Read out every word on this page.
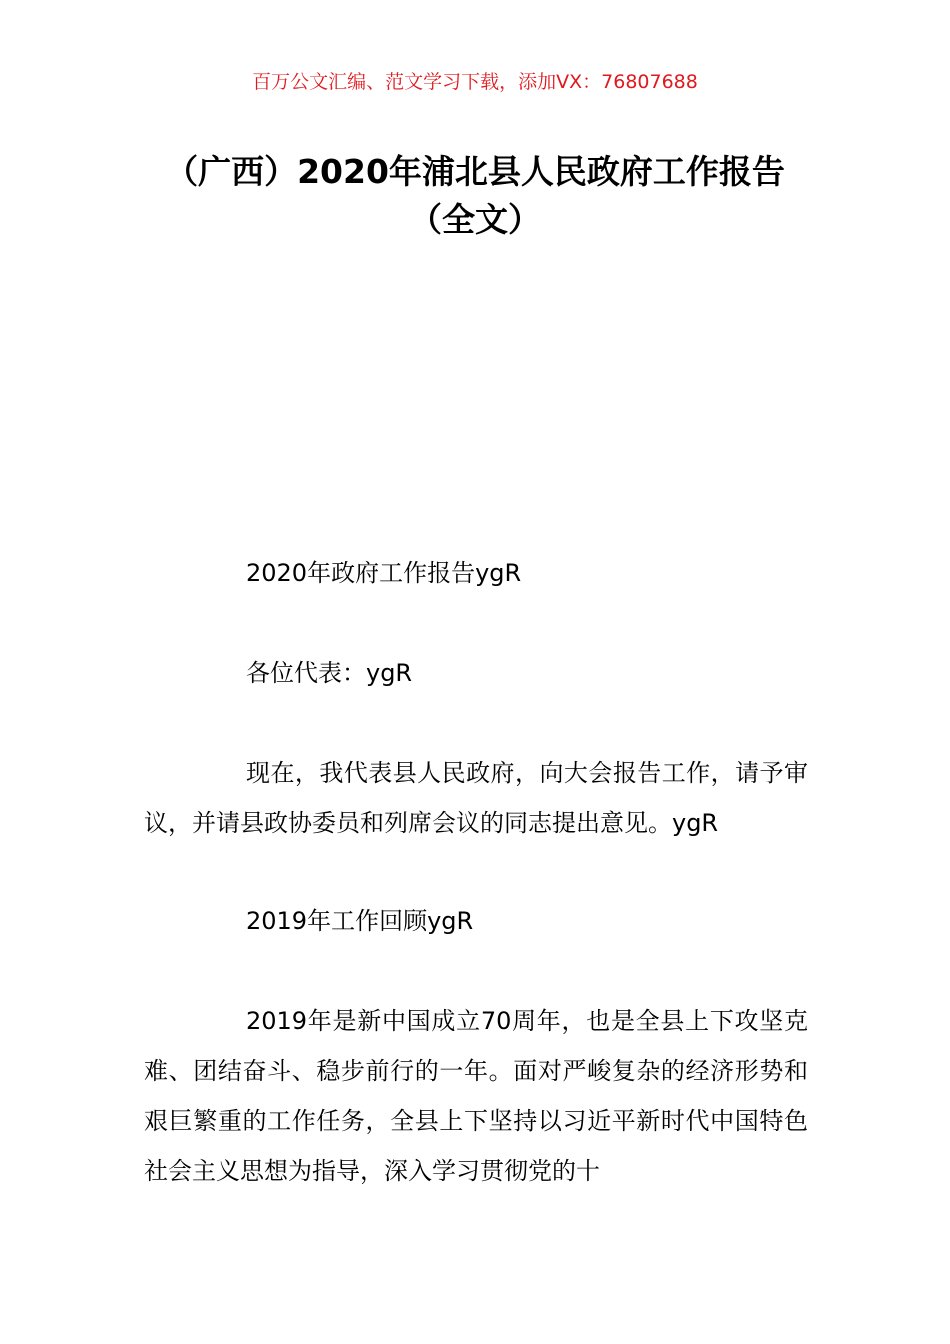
百万公文汇编、范文学习下载，添加VX：76807688
（广西）2020年浦北县人民政府工作报告
（全文）

2020年政府工作报告ygR

各位代表：ygR

现在，我代表县人民政府，向大会报告工作，请予审议，并请县政协委员和列席会议的同志提出意见。ygR

2019年工作回顾ygR

2019年是新中国成立70周年，也是全县上下攻坚克难、团结奋斗、稳步前行的一年。面对严峻复杂的经济形势和艰巨繁重的工作任务，全县上下坚持以习近平新时代中国特色社会主义思想为指导，深入学习贯彻党的十
